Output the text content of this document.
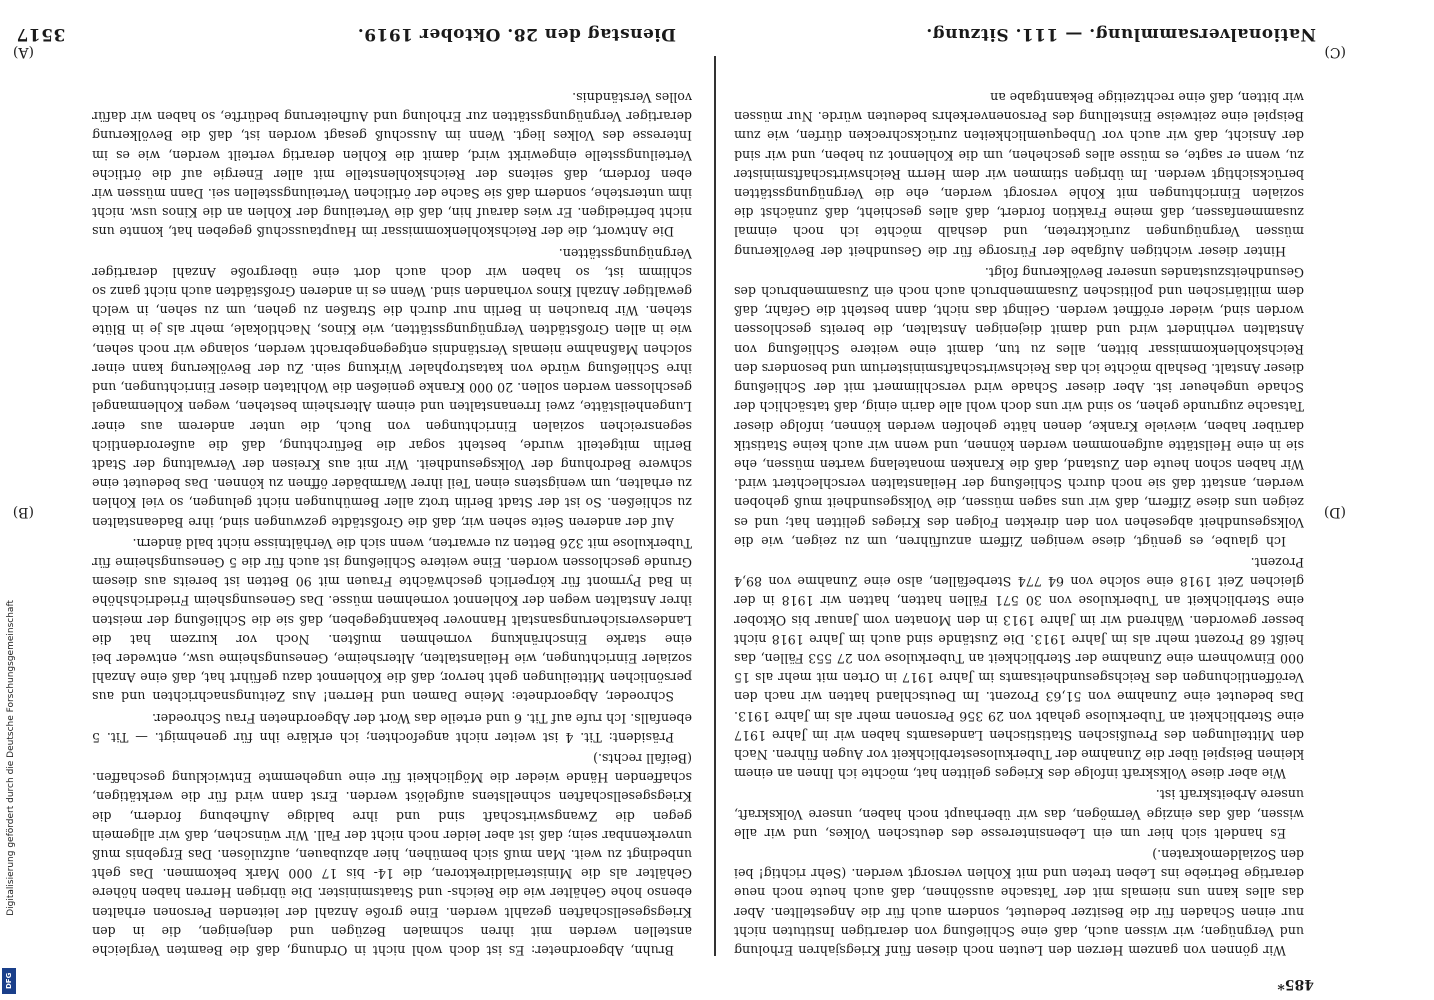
Nationalversammlung. — 111. Sitzung.
Dienstag den 28. Oktober 1919.
3517

Bruhn, Abgeordneter: Es ist doch wohl nicht in Ordnung, daß die Beamten Vergleiche anstellen werden mit ihren schmalen Bezügen und denjenigen, die in den Kriegsgesellschaften gezahlt werden. Eine große Anzahl der leitenden Personen erhalten ebenso hohe Gehälter wie die Reichs- und Staatsminister. Die übrigen Herren haben höhere Gehälter als die Ministerialdirektoren, die 14- bis 17 000 Mark bekommen. Das geht unbedingt zu weit. Man muß sich bemühen, hier abzubauen, aufzulösen. Das Ergebnis muß unverkennbar sein; daß ist aber leider noch nicht der Fall. Wir wünschen, daß wir allgemein gegen die Zwangswirtschaft sind und ihre baldige Aufhebung fordern, die Kriegsgesellschaften schnellstens aufgelöst werden. Erst dann wird für die werktätigen, schaffenden Hände wieder die Möglichkeit für eine ungehemmte Entwicklung geschaffen. (Beifall rechts.)

Präsident: Tit. 4 ist weiter nicht angefochten; ich erkläre ihn für genehmigt. — Tit. 5 ebenfalls. Ich rufe auf Tit. 6 und erteile das Wort der Abgeordneten Frau Schroeder.

Schroeder, Abgeordnete: Meine Damen und Herren! Aus Zeitungsnachrichten und aus persönlichen Mitteilungen geht hervor, daß die Kohlennot dazu geführt hat, daß eine Anzahl sozialer Einrichtungen, wie Heilanstalten, Altersheime, Genesungsheime usw., entweder bei eine starke Einschränkung vornehmen mußten. Noch vor kurzem hat die Landesversicherungsanstalt Hannover bekanntgegeben, daß sie die Schließung der meisten ihrer Anstalten wegen der Kohlennot vornehmen müsse. Das Genesungsheim Friedrichshöhe in Bad Pyrmont für körperlich geschwächte Frauen mit 90 Betten ist bereits aus diesem Grunde geschlossen worden. Eine weitere Schließung ist auch für die 5 Genesungsheime für Tuberkulose mit 326 Betten zu erwarten, wenn sich die Verhältnisse nicht bald ändern.

Auf der anderen Seite sehen wir, daß die Großstädte gezwungen sind, ihre Badeanstalten zu schließen. So ist der Stadt Berlin trotz aller Bemühungen nicht gelungen, so viel Kohlen zu erhalten, um wenigstens einen Teil ihrer Warmbäder öffnen zu können. Das bedeutet eine schwere Bedrohung der Volksgesundheit. Wir mit aus Kreisen der Verwaltung der Stadt Berlin mitgeteilt wurde, besteht sogar die Befürchtung, daß die außerordentlich segensreichen sozialen Einrichtungen von Buch, die unter anderem aus einer Lungenheilstätte, zwei Irrenanstalten und einem Altersheim bestehen, wegen Kohlenmangel geschlossen werden sollen. 20 000 Kranke genießen die Wohltaten dieser Einrichtungen, und ihre Schließung würde von katastrophaler Wirkung sein. Zu der Bevölkerung kann einer solchen Maßnahme niemals Verständnis entgegengebracht werden, solange wir noch sehen, wie in allen Großstädten Vergnügungsstätten, wie Kinos, Nachtlokale, mehr als je in Blüte stehen. Wir brauchen in Berlin nur durch die Straßen zu gehen, um zu sehen, in welch gewaltiger Anzahl Kinos vorhanden sind. Wenn es in anderen Großstädten auch nicht ganz so schlimm ist, so haben wir doch auch dort eine übergroße Anzahl derartiger Vergnügungsstätten.

Die Antwort, die der Reichskohlenkommissar im Hauptausschuß gegeben hat, konnte uns nicht befriedigen. Er wies darauf hin, daß die Verteilung der Kohlen an die Kinos usw. nicht ihm unterstehe, sondern daß sie Sache der örtlichen Verteilungsstellen sei. Dann müssen wir eben fordern, daß seitens der Reichskohlenstelle mit aller Energie auf die örtliche Verteilungsstelle eingewirkt wird, damit die Kohlen derartig verteilt werden, wie es im Interesse des Volkes liegt. Wenn im Ausschuß gesagt worden ist, daß die Bevölkerung derartiger Vergnügungsstätten zur Erholung und Aufheiterung bedürfte, so haben wir dafür volles Verständnis.

Wir gönnen von ganzem Herzen den Leuten noch diesen fünf Kriegsjahren Erholung und Vergnügen; wir wissen auch, daß eine Schließung von derartigen Instituten nicht nur einen Schaden für die Besitzer bedeutet, sondern auch für die Angestellten. Aber das alles kann uns niemals mit der Tatsache aussöhnen, daß auch heute noch neue derartige Betriebe ins Leben treten und mit Kohlen versorgt werden. (Sehr richtig! bei den Sozialdemokraten.)

Es handelt sich hier um ein Lebensinteresse des deutschen Volkes, und wir alle wissen, daß das einzige Vermögen, das wir überhaupt noch haben, unsere Volkskraft, unsere Arbeitskraft ist.

Wie aber diese Volkskraft infolge des Krieges gelitten hat, möchte ich Ihnen an einem kleinen Beispiel über die Zunahme der Tuberkulosesterblichkeit vor Augen führen. Nach den Mitteilungen des Preußischen Statistischen Landesamts haben wir im Jahre 1917 eine Sterblichkeit an Tuberkulose gehabt von 29 356 Personen mehr als im Jahre 1913. Das bedeutet eine Zunahme von 51,63 Prozent. Im Deutschland hatten wir nach den Veröffentlichungen des Reichsgesundheitsamts im Jahre 1917 in Orten mit mehr als 15 000 Einwohnern eine Zunahme der Sterblichkeit an Tuberkulose von 27 553 Fällen, das heißt 68 Prozent mehr als im Jahre 1913. Die Zustände sind auch im Jahre 1918 nicht besser geworden. Während wir im Jahre 1913 in den Monaten vom Januar bis Oktober eine Sterblichkeit an Tuberkulose von 30 571 Fällen hatten, hatten wir 1918 in der gleichen Zeit 1918 eine solche von 64 774 Sterbefällen, also eine Zunahme von 89,4 Prozent.

Ich glaube, es genügt, diese wenigen Ziffern anzuführen, um zu zeigen, wie die Volksgesundheit abgesehen von den direkten Folgen des Krieges gelitten hat; und es zeigen uns diese Ziffern, daß wir uns sagen müssen, die Volksgesundheit muß gehoben werden, anstatt daß sie noch durch Schließung der Heilanstalten verschlechtert wird. Wir haben schon heute den Zustand, daß die Kranken monatelang warten müssen, ehe sie in eine Heilstätte aufgenommen werden können, und wenn wir auch keine Statistik darüber haben, wieviele Kranke, denen hätte geholfen werden können, infolge dieser Tatsache zugrunde gehen, so sind wir uns doch wohl alle darin einig, daß tatsächlich der Schade ungeheuer ist. Aber dieser Schade wird verschlimmert mit der Schließung dieser Anstalt. Deshalb möchte ich das Reichswirtschaftsministerium und besonders den Reichskohlenkommissar bitten, alles zu tun, damit eine weitere Schließung von Anstalten verhindert wird und damit diejenigen Anstalten, die bereits geschlossen worden sind, wieder eröffnet werden. Gelingt das nicht, dann besteht die Gefahr, daß dem militärischen und politischen Zusammenbruch auch noch ein Zusammenbruch des Gesundheitszustandes unserer Bevölkerung folgt.

Hinter dieser wichtigen Aufgabe der Fürsorge für die Gesundheit der Bevölkerung müssen Vergnügungen zurücktreten, und deshalb möchte ich noch einmal zusammenfassen, daß meine Fraktion fordert, daß alles geschieht, daß zunächst die sozialen Einrichtungen mit Kohle versorgt werden, ehe die Vergnügungsstätten berücksichtigt werden. Im übrigen stimmen wir dem Herrn Reichswirtschaftsminister zu, wenn er sagte, es müsse alles geschehen, um die Kohlennot zu heben, und wir sind der Ansicht, daß wir auch vor Unbequemlichkeiten zurückschrecken dürfen, wie zum Beispiel eine zeitweise Einstellung des Personenverkehrs bedeuten würde. Nur müssen wir bitten, daß eine rechtzeitige Bekanntgabe an

(A)
(B)
(C)
(D)
485*
Digitalisierung gefördert durch die Deutsche Forschungsgemeinschaft
DFG
